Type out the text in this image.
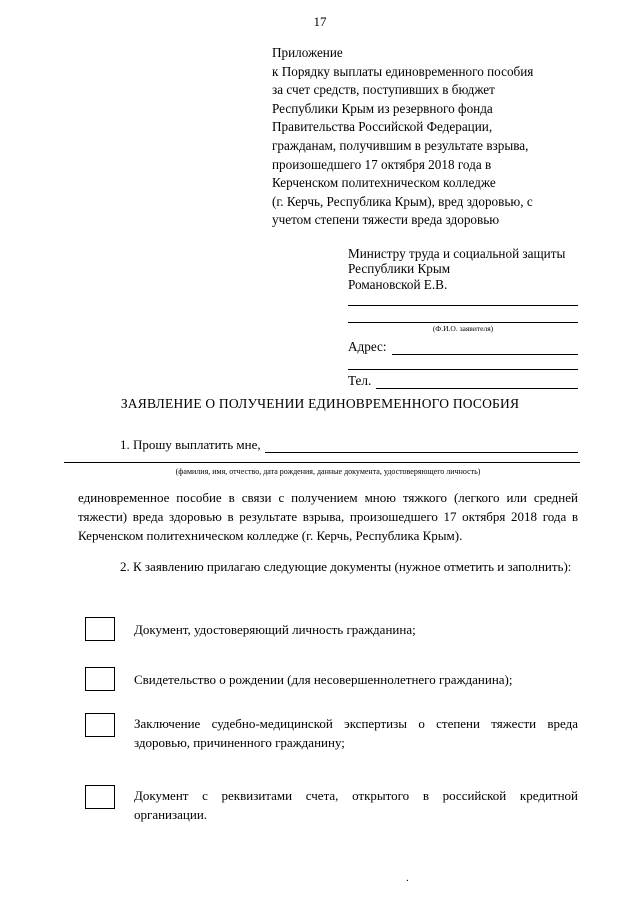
17
Приложение
к Порядку выплаты единовременного пособия
за счет средств, поступивших в бюджет
Республики Крым из резервного фонда
Правительства Российской Федерации,
гражданам, получившим в результате взрыва,
произошедшего 17 октября 2018 года в
Керченском политехническом колледже
(г. Керчь, Республика Крым), вред здоровью, с
учетом степени тяжести вреда здоровью
Министру труда и социальной защиты
Республики Крым
Романовской Е.В.
(Ф.И.О. заявителя)
Адрес:
Тел.
ЗАЯВЛЕНИЕ О ПОЛУЧЕНИИ ЕДИНОВРЕМЕННОГО ПОСОБИЯ
1. Прошу выплатить мне,
(фамилия, имя, отчество, дата рождения, данные документа, удостоверяющего личность)
единовременное пособие в связи с получением мною тяжкого (легкого или средней тяжести) вреда здоровью в результате взрыва, произошедшего 17 октября 2018 года в Керченском политехническом колледже (г. Керчь, Республика Крым).
2. К заявлению прилагаю следующие документы (нужное отметить и заполнить):
Документ, удостоверяющий личность гражданина;
Свидетельство о рождении (для несовершеннолетнего гражданина);
Заключение судебно-медицинской экспертизы о степени тяжести вреда здоровью, причиненного гражданину;
Документ с реквизитами счета, открытого в российской кредитной организации.
.
